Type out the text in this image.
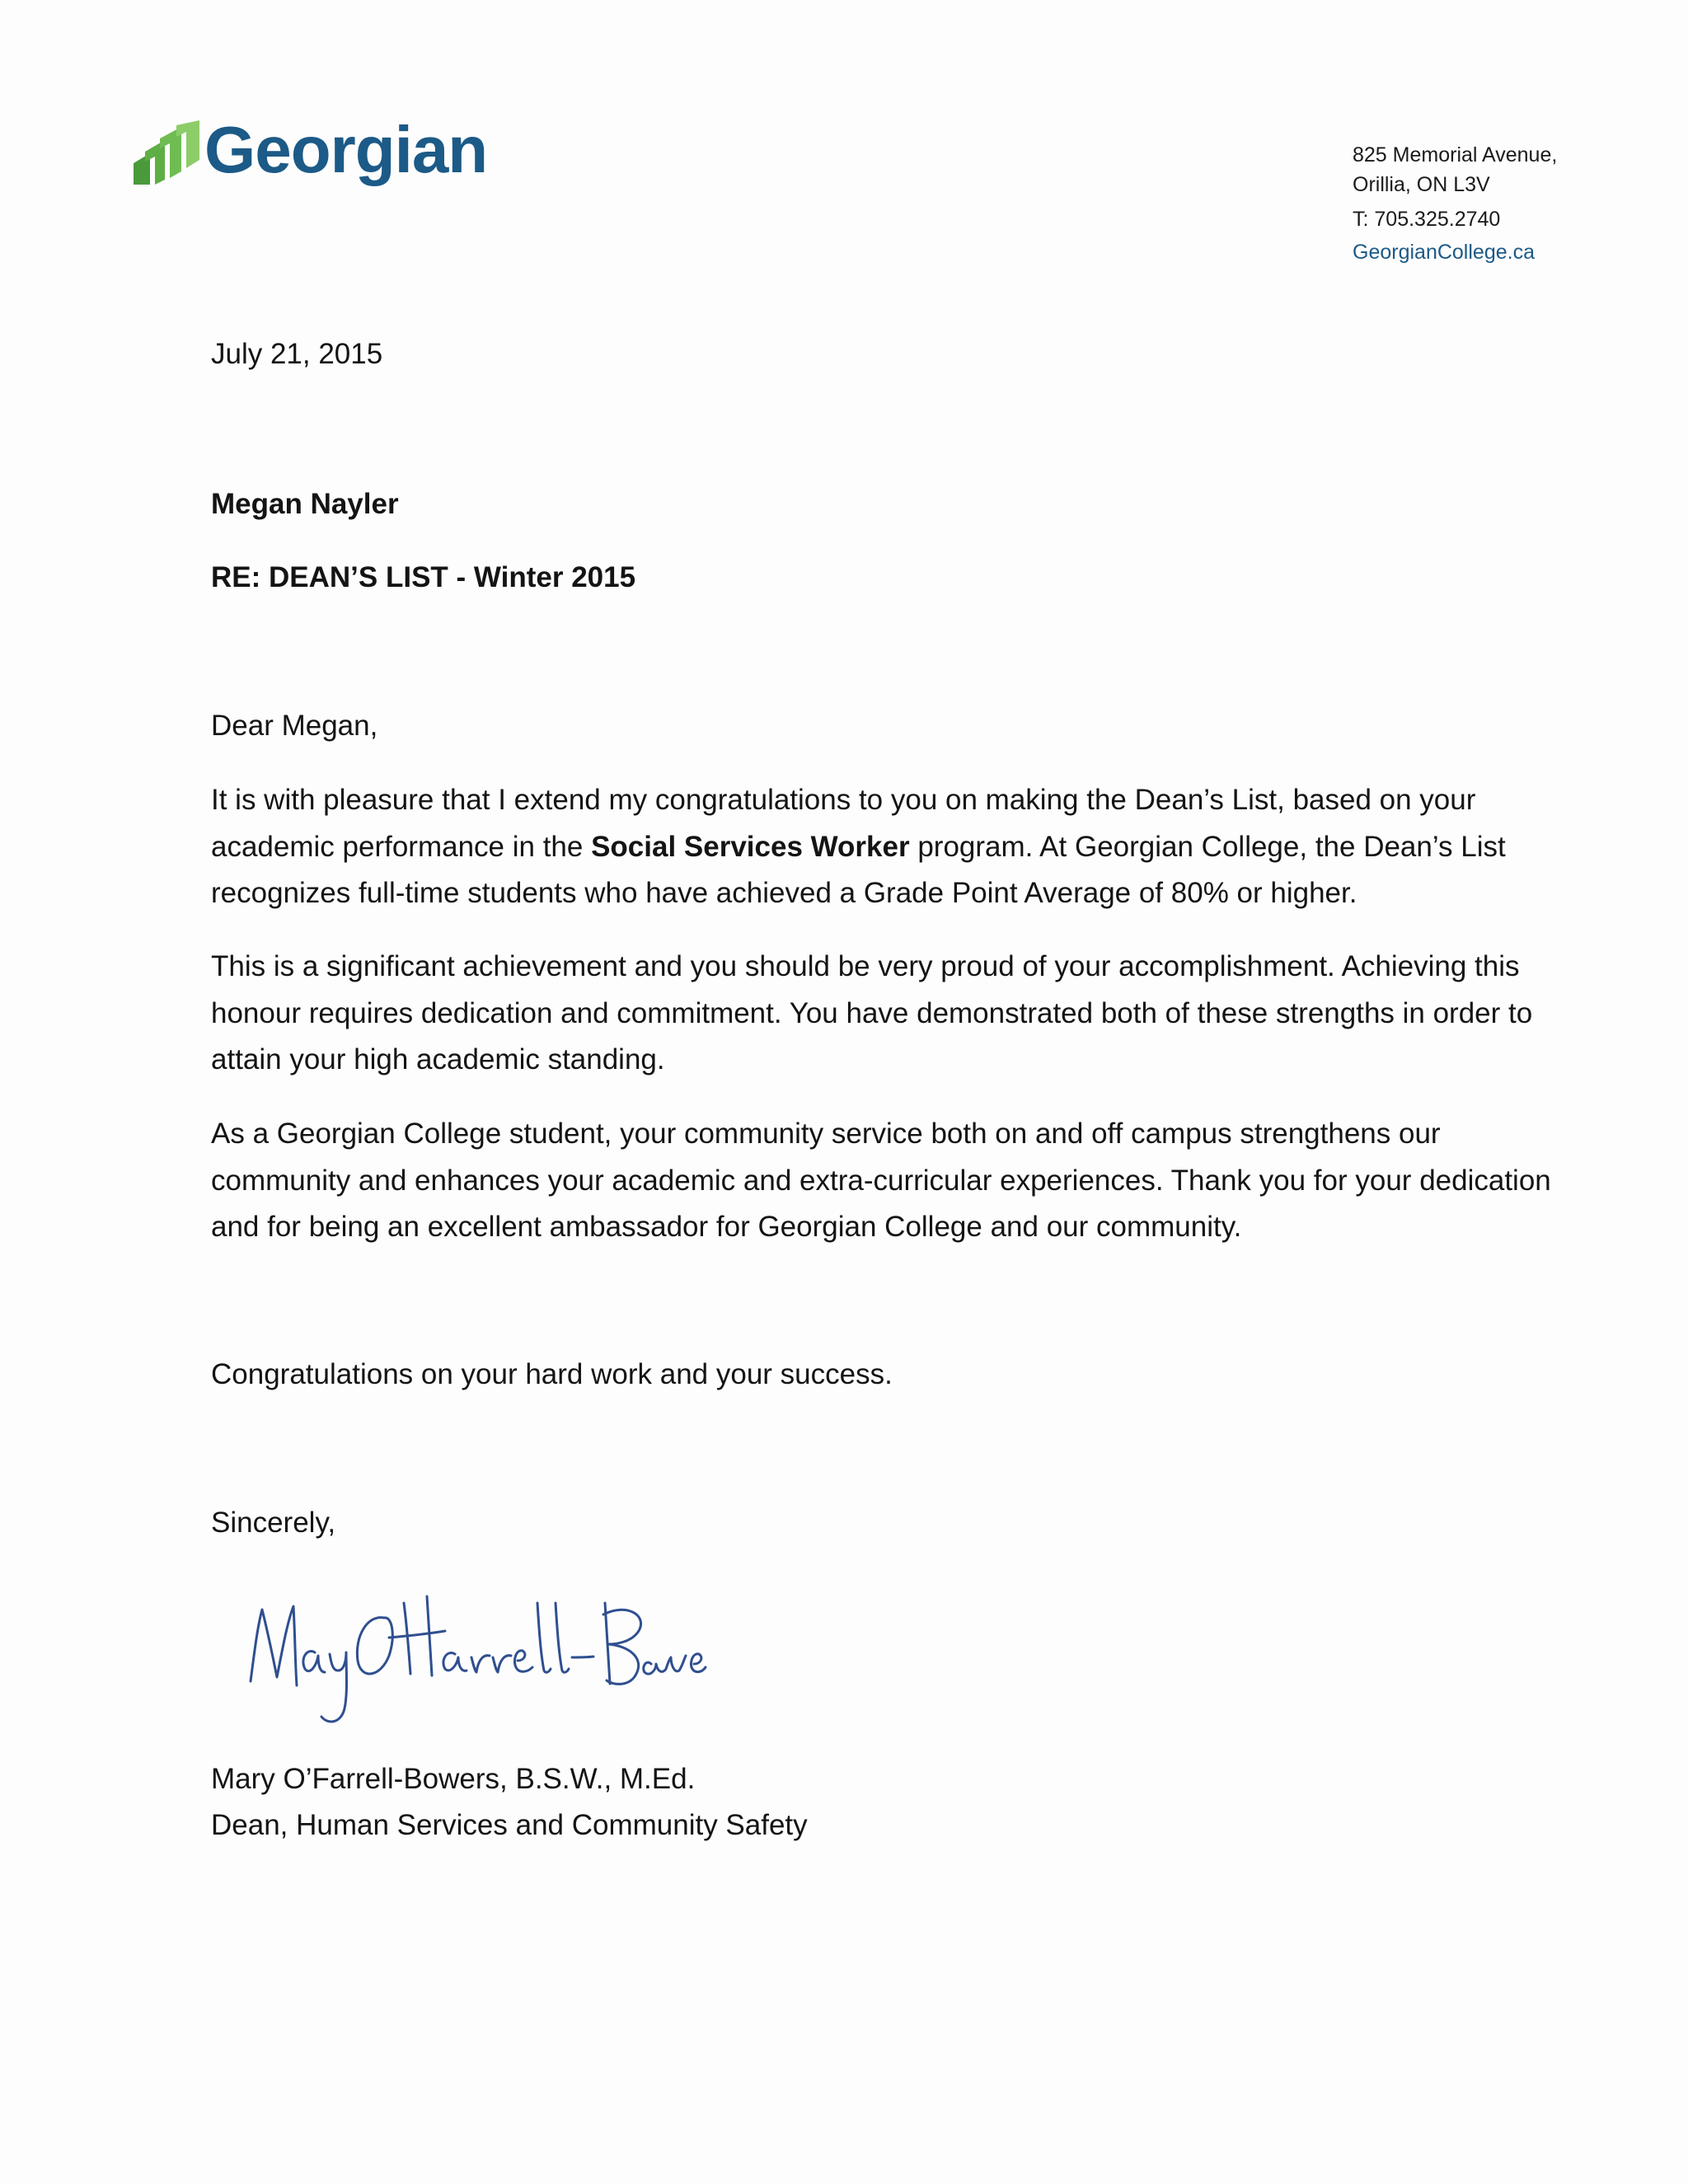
Georgian	825 Memorial Avenue,
Orillia, ON L3V
T: 705.325.2740
GeorgianCollege.ca
July 21, 2015
Megan Nayler
RE: DEAN’S LIST - Winter 2015
Dear Megan,
It is with pleasure that I extend my congratulations to you on making the Dean’s List, based on your academic performance in the Social Services Worker program. At Georgian College, the Dean’s List recognizes full-time students who have achieved a Grade Point Average of 80% or higher.
This is a significant achievement and you should be very proud of your accomplishment. Achieving this honour requires dedication and commitment. You have demonstrated both of these strengths in order to attain your high academic standing.
As a Georgian College student, your community service both on and off campus strengthens our community and enhances your academic and extra-curricular experiences. Thank you for your dedication and for being an excellent ambassador for Georgian College and our community.
Congratulations on your hard work and your success.
Sincerely,
Mary O’Farrell-Bowers, B.S.W., M.Ed.
Dean, Human Services and Community Safety
